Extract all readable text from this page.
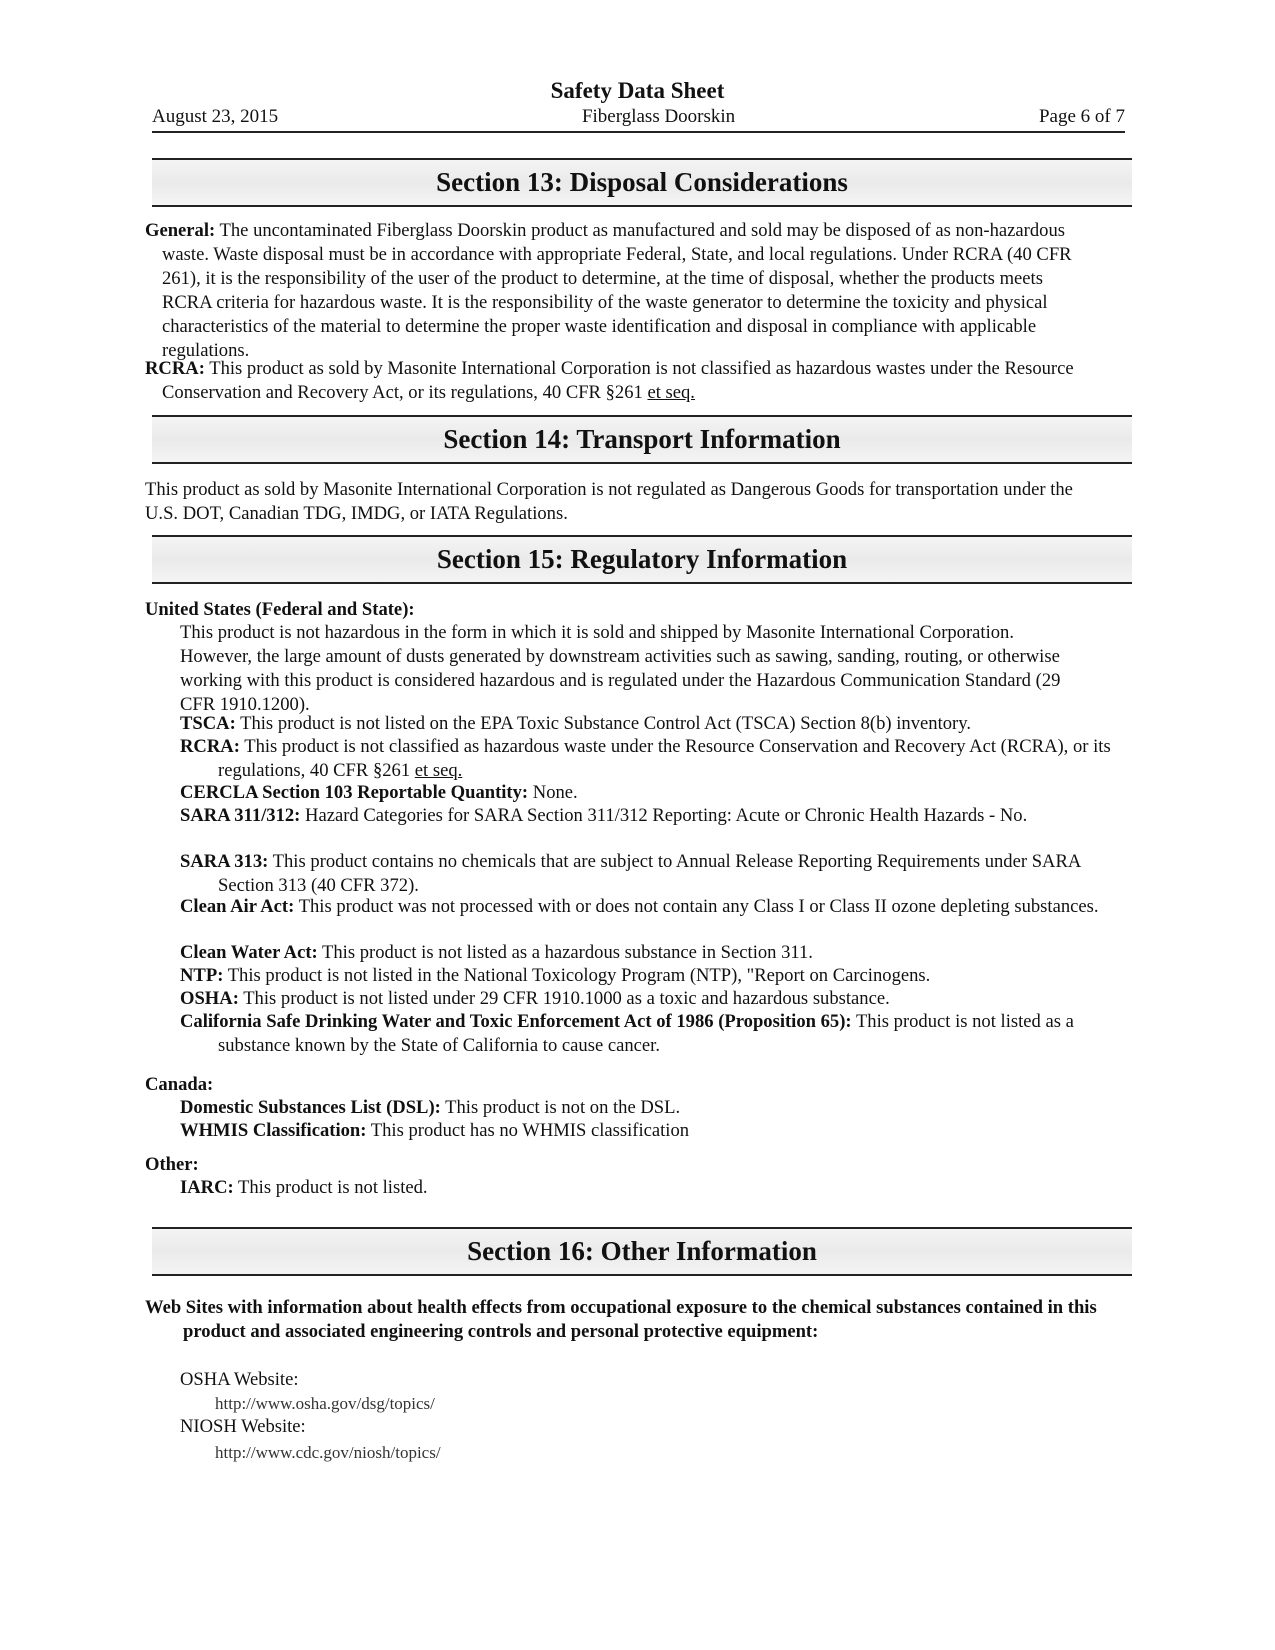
Safety Data Sheet
August 23, 2015	Fiberglass Doorskin	Page 6 of 7
Section 13: Disposal Considerations
General: The uncontaminated Fiberglass Doorskin product as manufactured and sold may be disposed of as non-hazardous waste. Waste disposal must be in accordance with appropriate Federal, State, and local regulations. Under RCRA (40 CFR 261), it is the responsibility of the user of the product to determine, at the time of disposal, whether the products meets RCRA criteria for hazardous waste. It is the responsibility of the waste generator to determine the toxicity and physical characteristics of the material to determine the proper waste identification and disposal in compliance with applicable regulations.
RCRA: This product as sold by Masonite International Corporation is not classified as hazardous wastes under the Resource Conservation and Recovery Act, or its regulations, 40 CFR §261 et seq.
Section 14: Transport Information
This product as sold by Masonite International Corporation is not regulated as Dangerous Goods for transportation under the U.S. DOT, Canadian TDG, IMDG, or IATA Regulations.
Section 15: Regulatory Information
United States (Federal and State):
This product is not hazardous in the form in which it is sold and shipped by Masonite International Corporation. However, the large amount of dusts generated by downstream activities such as sawing, sanding, routing, or otherwise working with this product is considered hazardous and is regulated under the Hazardous Communication Standard (29 CFR 1910.1200).
TSCA: This product is not listed on the EPA Toxic Substance Control Act (TSCA) Section 8(b) inventory.
RCRA: This product is not classified as hazardous waste under the Resource Conservation and Recovery Act (RCRA), or its regulations, 40 CFR §261 et seq.
CERCLA Section 103 Reportable Quantity: None.
SARA 311/312: Hazard Categories for SARA Section 311/312 Reporting: Acute or Chronic Health Hazards - No.
SARA 313: This product contains no chemicals that are subject to Annual Release Reporting Requirements under SARA Section 313 (40 CFR 372).
Clean Air Act: This product was not processed with or does not contain any Class I or Class II ozone depleting substances.
Clean Water Act: This product is not listed as a hazardous substance in Section 311.
NTP: This product is not listed in the National Toxicology Program (NTP), "Report on Carcinogens.
OSHA: This product is not listed under 29 CFR 1910.1000 as a toxic and hazardous substance.
California Safe Drinking Water and Toxic Enforcement Act of 1986 (Proposition 65): This product is not listed as a substance known by the State of California to cause cancer.
Canada:
Domestic Substances List (DSL): This product is not on the DSL.
WHMIS Classification: This product has no WHMIS classification
Other:
IARC: This product is not listed.
Section 16: Other Information
Web Sites with information about health effects from occupational exposure to the chemical substances contained in this product and associated engineering controls and personal protective equipment:
OSHA Website:
http://www.osha.gov/dsg/topics/
NIOSH Website:
http://www.cdc.gov/niosh/topics/
